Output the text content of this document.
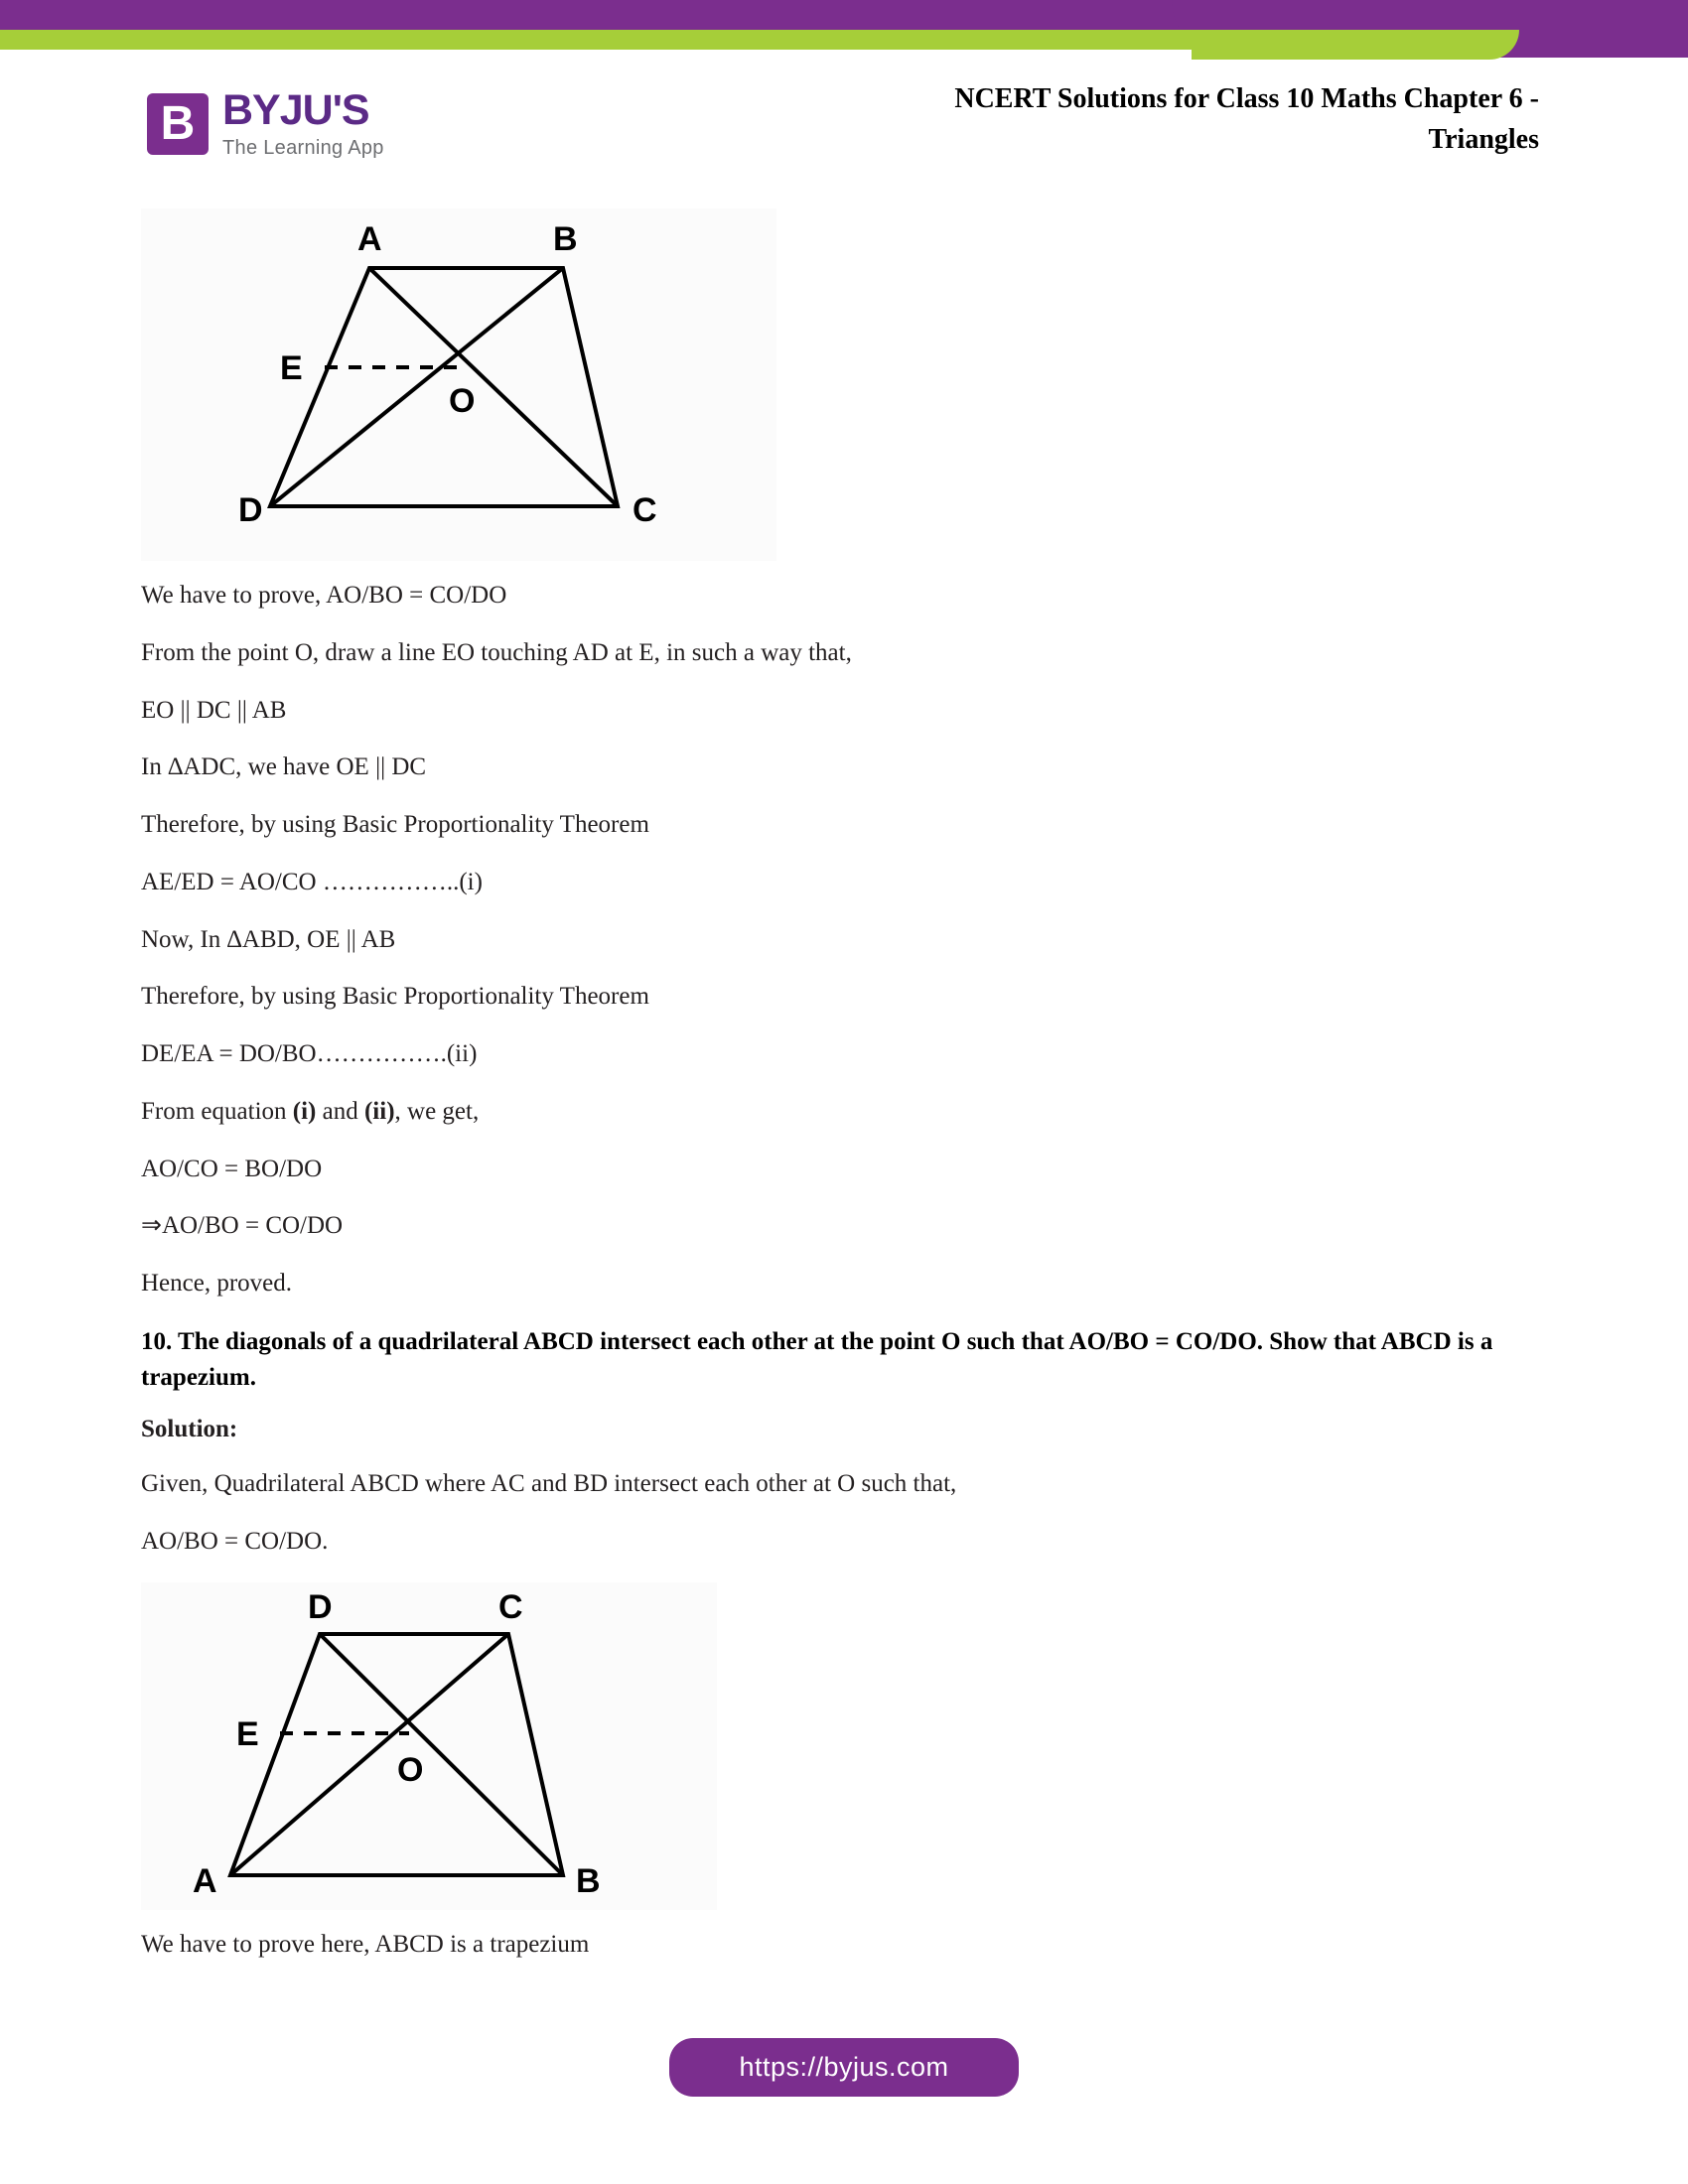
B BYJU'S
The Learning App
NCERT Solutions for Class 10 Maths Chapter 6 -
Triangles
A	B
E
O
D	C

We have to prove, AO/BO = CO/DO

From the point O, draw a line EO touching AD at E, in such a way that,

EO || DC || AB

In ∆ADC, we have OE || DC

Therefore, by using Basic Proportionality Theorem

AE/ED = AO/CO ……………..(i)

Now, In ∆ABD, OE || AB

Therefore, by using Basic Proportionality Theorem

DE/EA = DO/BO…………….(ii)

From equation (i) and (ii), we get,

AO/CO = BO/DO

⇒AO/BO = CO/DO

Hence, proved.

10. The diagonals of a quadrilateral ABCD intersect each other at the point O such that AO/BO = CO/DO. Show that ABCD is a trapezium.

Solution:

Given, Quadrilateral ABCD where AC and BD intersect each other at O such that,

AO/BO = CO/DO.

D	C
E
O
A	B

We have to prove here, ABCD is a trapezium

https://byjus.com
